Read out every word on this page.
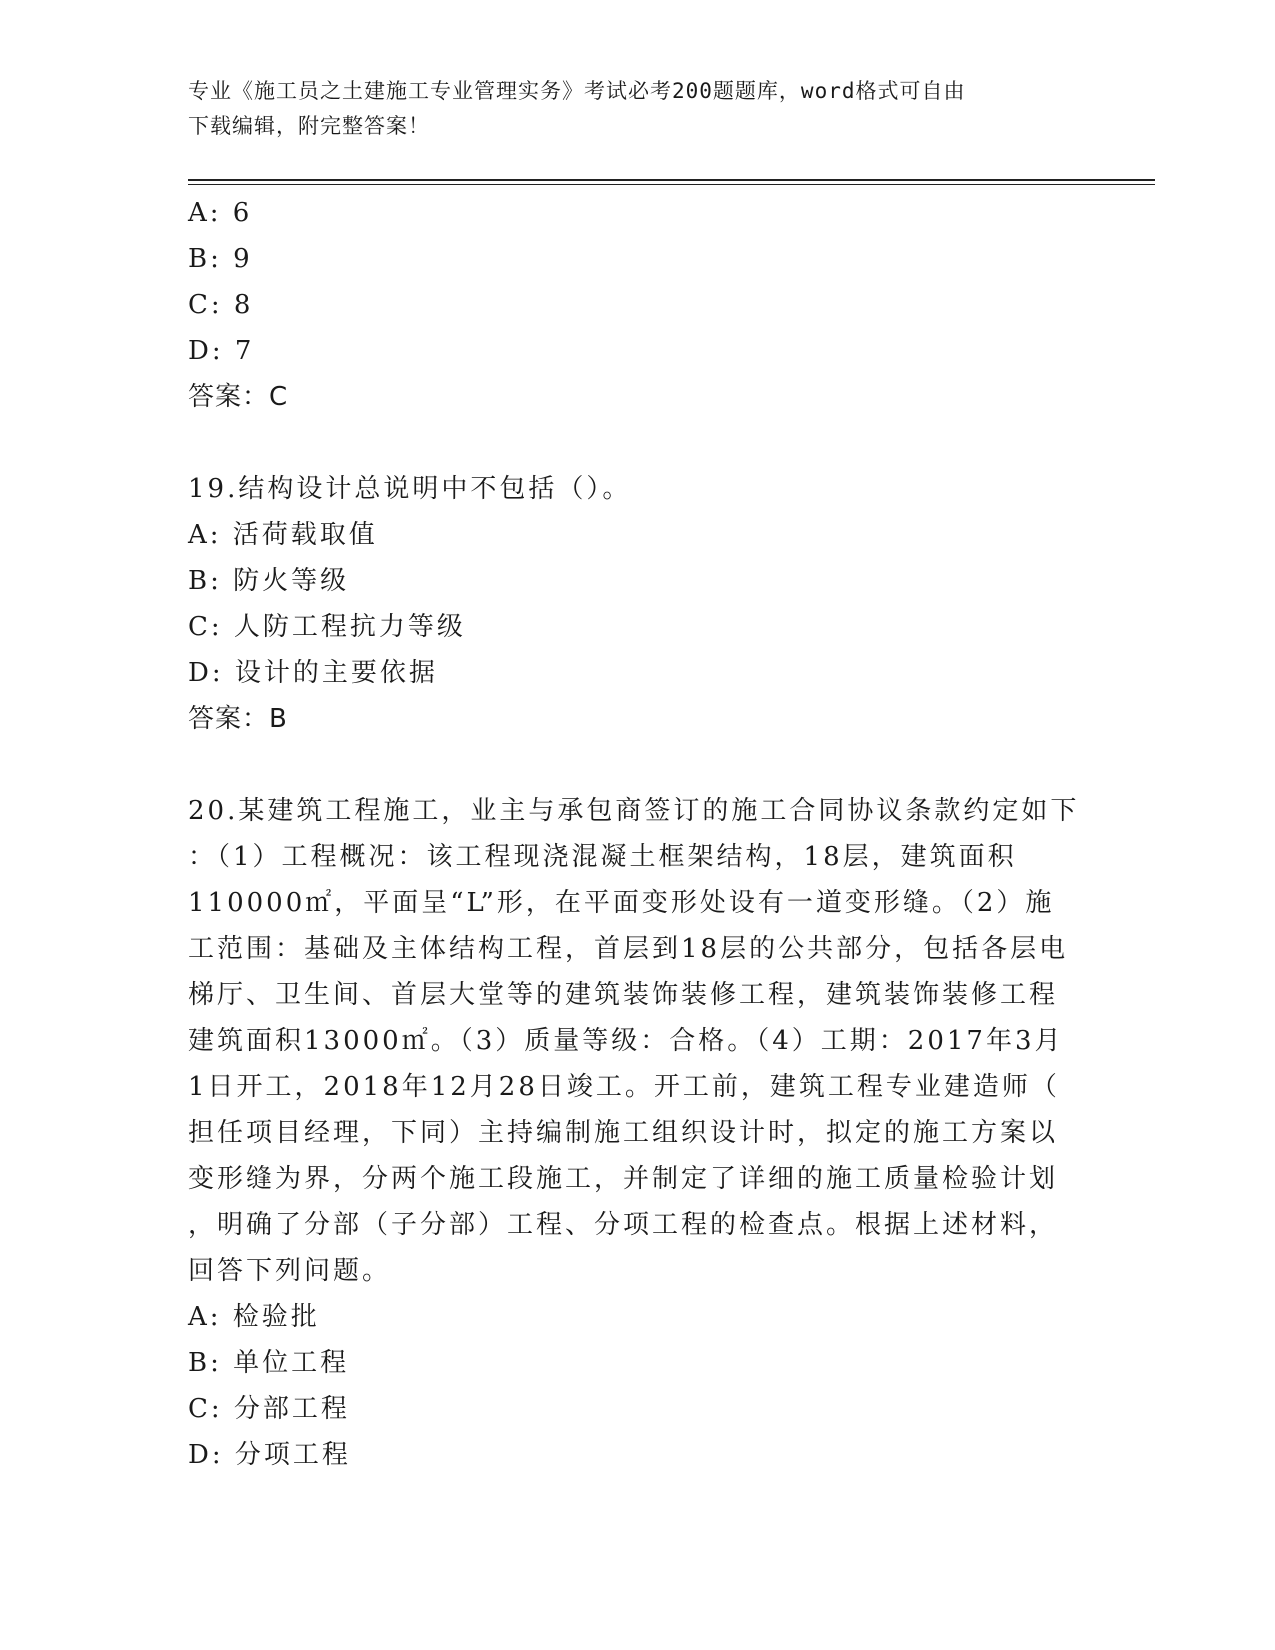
专业《施工员之土建施工专业管理实务》考试必考200题题库，word格式可自由
下载编辑，附完整答案！

A: 6

B: 9

C: 8

D: 7

答案：C

19.结构设计总说明中不包括（）。

A: 活荷载取值

B: 防火等级

C: 人防工程抗力等级

D: 设计的主要依据

答案：B

20.某建筑工程施工，业主与承包商签订的施工合同协议条款约定如下

：（1）工程概况：该工程现浇混凝土框架结构，18层，建筑面积

110000㎡，平面呈“L”形，在平面变形处设有一道变形缝。（2）施

工范围：基础及主体结构工程，首层到18层的公共部分，包括各层电

梯厅、卫生间、首层大堂等的建筑装饰装修工程，建筑装饰装修工程

建筑面积13000㎡。（3）质量等级：合格。（4）工期：2017年3月

1日开工，2018年12月28日竣工。开工前，建筑工程专业建造师（

担任项目经理，下同）主持编制施工组织设计时，拟定的施工方案以

变形缝为界，分两个施工段施工，并制定了详细的施工质量检验计划

，明确了分部（子分部）工程、分项工程的检查点。根据上述材料，

回答下列问题。

A: 检验批

B: 单位工程

C: 分部工程

D: 分项工程
